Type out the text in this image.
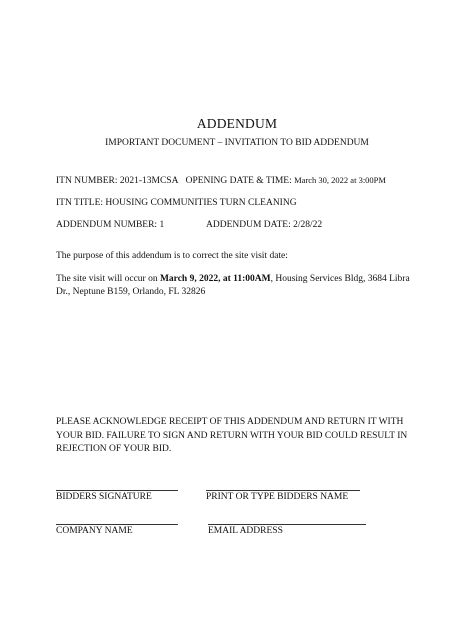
ADDENDUM
IMPORTANT DOCUMENT – INVITATION TO BID ADDENDUM
ITN NUMBER: 2021-13MCSA OPENING DATE & TIME: March 30, 2022 at 3:00PM
ITN TITLE: HOUSING COMMUNITIES TURN CLEANING
ADDENDUM NUMBER: 1	ADDENDUM DATE: 2/28/22
The purpose of this addendum is to correct the site visit date:
The site visit will occur on March 9, 2022, at 11:00AM, Housing Services Bldg, 3684 Libra Dr., Neptune B159, Orlando, FL 32826
PLEASE ACKNOWLEDGE RECEIPT OF THIS ADDENDUM AND RETURN IT WITH YOUR BID. FAILURE TO SIGN AND RETURN WITH YOUR BID COULD RESULT IN REJECTION OF YOUR BID.
BIDDERS SIGNATURE	PRINT OR TYPE BIDDERS NAME
COMPANY NAME	EMAIL ADDRESS
